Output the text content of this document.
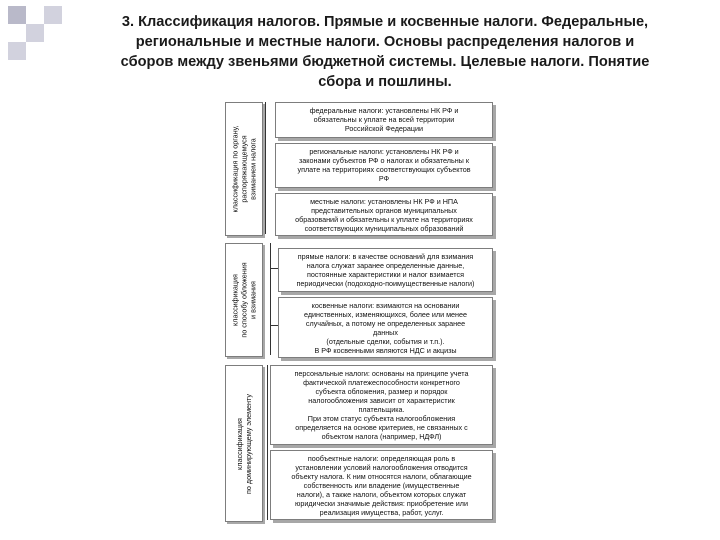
3. Классификация налогов. Прямые и косвенные налоги. Федеральные,
региональные и местные налоги. Основы распределения налогов и
сборов между звеньями бюджетной системы. Целевые налоги. Понятие
сбора и пошлины.
классификация по органу, распоряжающемуся взиманием налога
федеральные налоги: установлены НК РФ и
обязательны к уплате на всей территории
Российской Федерации
региональные налоги: установлены НК РФ и
законами субъектов РФ о налогах и обязательны к
уплате на территориях соответствующих субъектов
РФ
местные налоги: установлены НК РФ и НПА
представительных органов муниципальных
образований и обязательны к уплате на территориях
соответствующих муниципальных образований
классификация по способу обложения и взимания
прямые налоги: в качестве оснований для взимания
налога служат заранее определенные данные,
постоянные характеристики и налог взимается
периодически (подоходно-поимущественные налоги)
косвенные налоги: взимаются на основании
единственных, изменяющихся, более или менее
случайных, а потому не определенных заранее
данных
(отдельные сделки, события и т.п.).
В РФ косвенными являются НДС и акцизы
классификация по доминирующему элементу
персональные налоги: основаны на принципе учета
фактической платежеспособности конкретного
субъекта обложения, размер и порядок
налогообложения зависит от характеристик
плательщика.
При этом статус субъекта налогообложения
определяется на основе критериев, не связанных с
объектом налога (например, НДФЛ)
пообъектные налоги: определяющая роль в
установлении условий налогообложения отводится
объекту налога. К ним относятся налоги, облагающие
собственность или владение (имущественные
налоги), а также налоги, объектом которых служат
юридически значимые действия: приобретение или
реализация имущества, работ, услуг.
